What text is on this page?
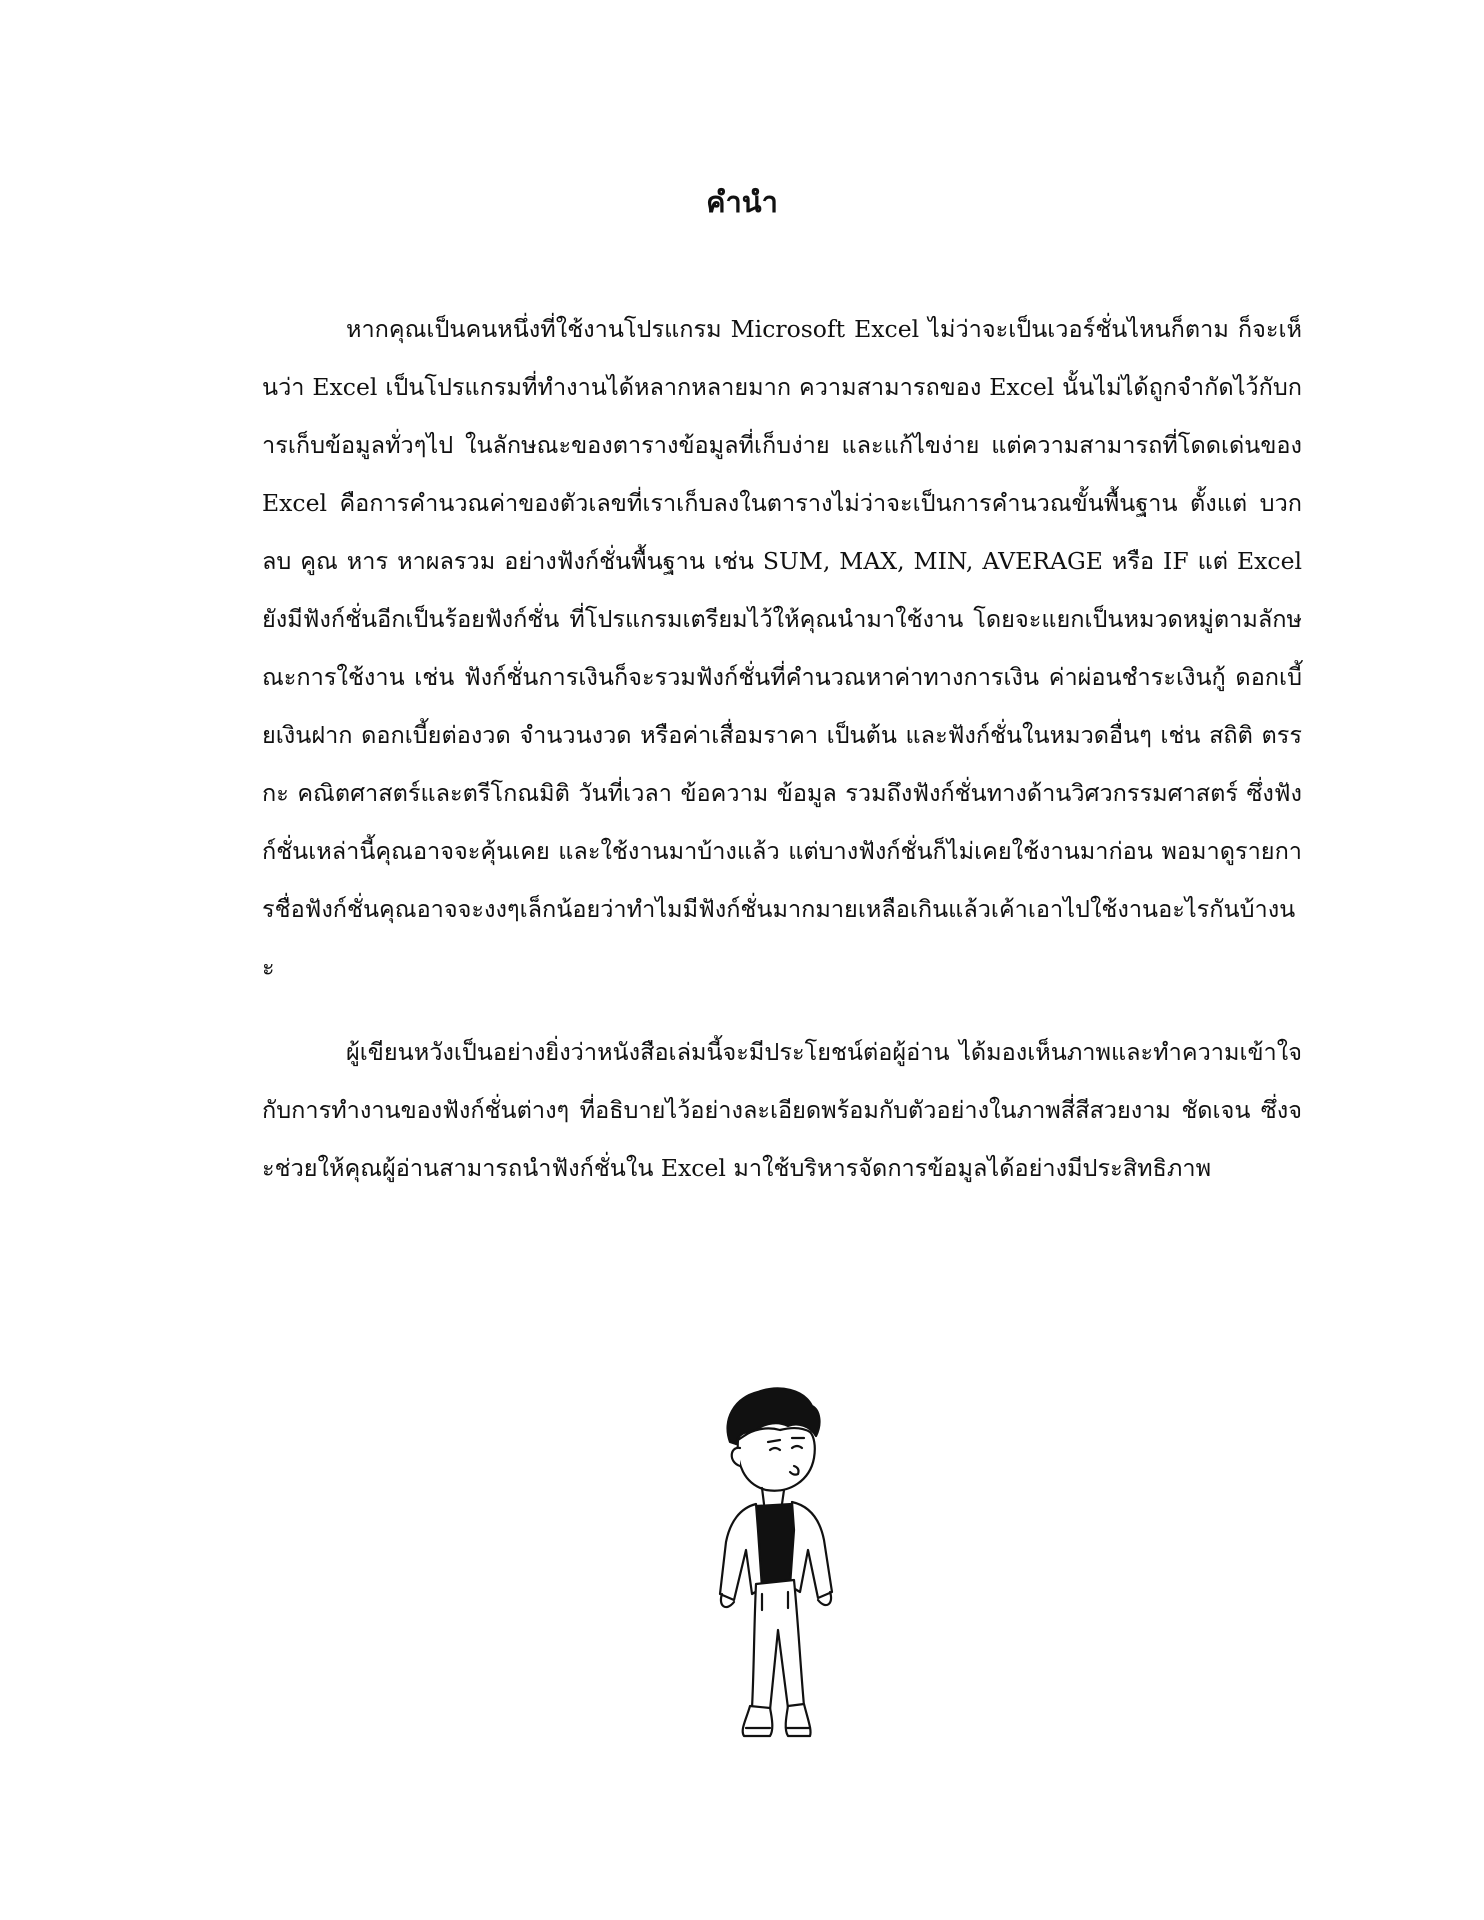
คำนำ

หากคุณเป็นคนหนึ่งที่ใช้งานโปรแกรม Microsoft Excel ไม่ว่าจะเป็นเวอร์ชั่นไหนก็ตาม ก็จะเห็นว่า Excel เป็นโปรแกรมที่ทำงานได้หลากหลายมาก ความสามารถของ Excel นั้นไม่ได้ถูกจำกัดไว้กับการเก็บข้อมูลทั่วๆไป ในลักษณะของตารางข้อมูลที่เก็บง่าย และแก้ไขง่าย แต่ความสามารถที่โดดเด่นของ Excel คือการคำนวณค่าของตัวเลขที่เราเก็บลงในตารางไม่ว่าจะเป็นการคำนวณขั้นพื้นฐาน ตั้งแต่ บวก ลบ คูณ หาร หาผลรวม อย่างฟังก์ชั่นพื้นฐาน เช่น SUM, MAX, MIN, AVERAGE หรือ IF แต่ Excel ยังมีฟังก์ชั่นอีกเป็นร้อยฟังก์ชั่น ที่โปรแกรมเตรียมไว้ให้คุณนำมาใช้งาน โดยจะแยกเป็นหมวดหมู่ตามลักษณะการใช้งาน เช่น ฟังก์ชั่นการเงินก็จะรวมฟังก์ชั่นที่คำนวณหาค่าทางการเงิน ค่าผ่อนชำระเงินกู้ ดอกเบี้ยเงินฝาก ดอกเบี้ยต่องวด จำนวนงวด หรือค่าเสื่อมราคา เป็นต้น และฟังก์ชั่นในหมวดอื่นๆ เช่น สถิติ ตรรกะ คณิตศาสตร์และตรีโกณมิติ วันที่เวลา ข้อความ ข้อมูล รวมถึงฟังก์ชั่นทางด้านวิศวกรรมศาสตร์ ซึ่งฟังก์ชั่นเหล่านี้คุณอาจจะคุ้นเคย และใช้งานมาบ้างแล้ว แต่บางฟังก์ชั่นก็ไม่เคยใช้งานมาก่อน พอมาดูรายการชื่อฟังก์ชั่นคุณอาจจะงงๆเล็กน้อยว่าทำไมมีฟังก์ชั่นมากมายเหลือเกินแล้วเค้าเอาไปใช้งานอะไรกันบ้างนะ

ผู้เขียนหวังเป็นอย่างยิ่งว่าหนังสือเล่มนี้จะมีประโยชน์ต่อผู้อ่าน ได้มองเห็นภาพและทำความเข้าใจกับการทำงานของฟังก์ชั่นต่างๆ ที่อธิบายไว้อย่างละเอียดพร้อมกับตัวอย่างในภาพสี่สีสวยงาม ชัดเจน ซึ่งจะช่วยให้คุณผู้อ่านสามารถนำฟังก์ชั่นใน Excel มาใช้บริหารจัดการข้อมูลได้อย่างมีประสิทธิภาพ
